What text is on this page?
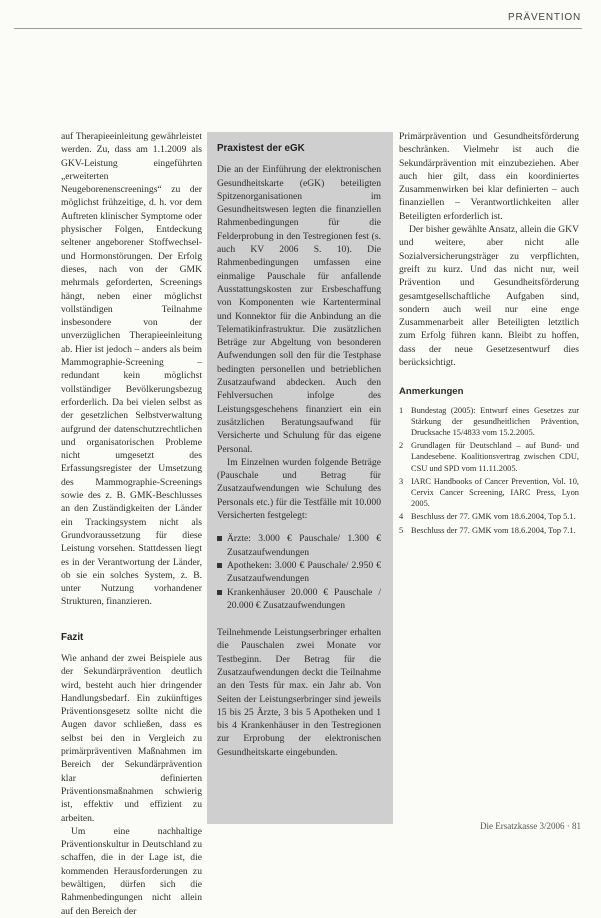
PRÄVENTION

auf Therapieeinleitung gewährleistet werden. Zu, dass am 1.1.2009 als GKV-Leistung eingeführten „erweiterten Neugeborenenscreenings“ zu der möglichst frühzeitige, d. h. vor dem Auftreten klinischer Symptome oder physischer Folgen, Entdeckung seltener angeborener Stoffwechsel- und Hormonstörungen. Der Erfolg dieses, nach von der GMK mehrmals geforderten, Screenings hängt, neben einer möglichst vollständigen Teilnahme insbesondere von der unverzüglichen Therapieeinleitung ab. Hier ist jedoch – anders als beim Mammographie-Screening – redundant kein möglichst vollständiger Bevölkerungsbezug erforderlich. Da bei vielen selbst as der gesetzlichen Selbstverwaltung aufgrund der datenschutzrechtlichen und organisatorischen Probleme nicht umgesetzt des Erfassungsregister der Umsetzung des Mammographie-Screenings sowie des z. B. GMK-Beschlusses an den Zuständigkeiten der Länder ein Trackingsystem nicht als Grundvoraussetzung für diese Leistung vorsehen. Stattdessen liegt es in der Verantwortung der Länder, ob sie ein solches System, z. B. unter Nutzung vorhandener Strukturen, finanzieren.

Fazit

Wie anhand der zwei Beispiele aus der Sekundärprävention deutlich wird, besteht auch hier dringender Handlungsbedarf. Ein zukünftiges Präventionsgesetz sollte nicht die Augen davor schließen, dass es selbst bei den in Vergleich zu primärpräventiven Maßnahmen im Bereich der Sekundärprävention klar definierten Präventionsmaßnahmen schwierig ist, effektiv und effizient zu arbeiten.

Um eine nachhaltige Präventionskultur in Deutschland zu schaffen, die in der Lage ist, die kommenden Herausforderungen zu bewältigen, dürfen sich die Rahmenbedingungen nicht allein auf den Bereich der

Praxistest der eGK

Die an der Einführung der elektronischen Gesundheitskarte (eGK) beteiligten Spitzenorganisationen im Gesundheitswesen legten die finanziellen Rahmenbedingungen für die Felderprobung in den Testregionen fest (s. auch KV 2006 S. 10). Die Rahmenbedingungen umfassen eine einmalige Pauschale für anfallende Ausstattungskosten zur Ersbeschaffung von Komponenten wie Kartenterminal und Konnektor für die Anbindung an die Telematikinfrastruktur. Die zusätzlichen Beträge zur Abgeltung von besonderen Aufwendungen soll den für die Testphase bedingten personellen und betrieblichen Zusatzaufwand abdecken. Auch den Fehlversuchen infolge des Leistungsgeschehens finanziert ein ein zusätzlichen Beratungsaufwand für Versicherte und Schulung für das eigene Personal.

Im Einzelnen wurden folgende Beträge (Pauschale und Betrag für Zusatzaufwendungen wie Schulung des Personals etc.) für die Testfälle mit 10.000 Versicherten festgelegt:

Ärzte: 3.000 € Pauschale/ 1.300 € Zusatzaufwendungen
Apotheken: 3.000 € Pauschale/ 2.950 € Zusatzaufwendungen
Krankenhäuser 20.000 € Pauschale / 20.000 € Zusatzaufwendungen

Teilnehmende Leistungserbringer erhalten die Pauschalen zwei Monate vor Testbeginn. Der Betrag für die Zusatzaufwendungen deckt die Teilnahme an den Tests für max. ein Jahr ab. Von Seiten der Leistungserbringer sind jeweils 15 bis 25 Ärzte, 3 bis 5 Apotheken und 1 bis 4 Krankenhäuser in den Testregionen zur Erprobung der elektronischen Gesundheitskarte eingebunden.

Primärprävention und Gesundheitsförderung beschränken. Vielmehr ist auch die Sekundärprävention mit einzubeziehen. Aber auch hier gilt, dass ein koordiniertes Zusammenwirken bei klar definierten – auch finanziellen – Verantwortlichkeiten aller Beteiligten erforderlich ist.

Der bisher gewählte Ansatz, allein die GKV und weitere, aber nicht alle Sozialversicherungsträger zu verpflichten, greift zu kurz. Und das nicht nur, weil Prävention und Gesundheitsförderung gesamtgesellschaftliche Aufgaben sind, sondern auch weil nur eine enge Zusammenarbeit aller Beteiligten letztlich zum Erfolg führen kann. Bleibt zu hoffen, dass der neue Gesetzesentwurf dies berücksichtigt.

Anmerkungen
1 Bundestag (2005): Entwurf eines Gesetzes zur Stärkung der gesundheitlichen Prävention, Drucksache 15/4833 vom 15.2.2005.
2 Grundlagen für Deutschland – auf Bund- und Landesebene. Koalitionsvertrag zwischen CDU, CSU und SPD vom 11.11.2005.
3 IARC Handbooks of Cancer Prevention, Vol. 10, Cervix Cancer Screening, IARC Press, Lyon 2005.
4 Beschluss der 77. GMK vom 18.6.2004, Top 5.1.
5 Beschluss der 77. GMK vom 18.6.2004, Top 7.1.
Die Ersatzkasse 3/2006 · 81
